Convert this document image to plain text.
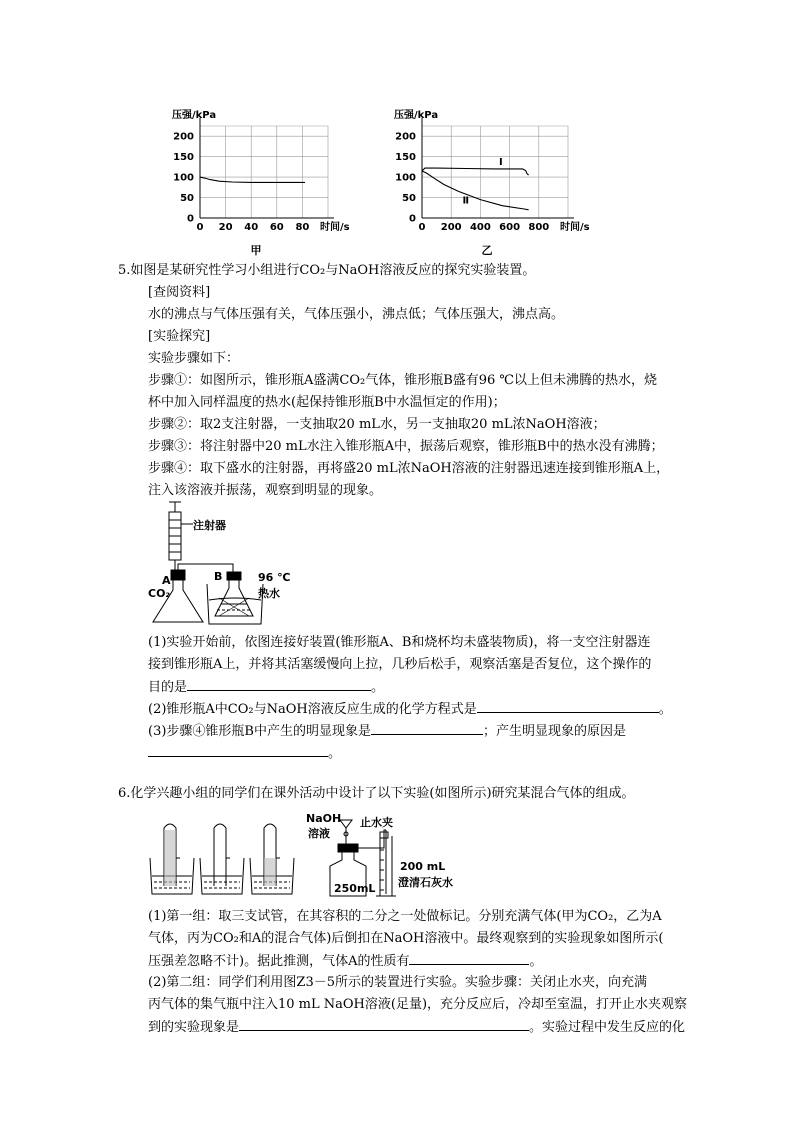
压强/kPa
时间/s
0 20 40 60 80
0
50
100
150
200
甲
压强/kPa
时间/s
0 200 400 600 800
0
50
100
150
200
Ⅰ
Ⅱ
乙
5.如图是某研究性学习小组进行CO₂与NaOH溶液反应的探究实验装置。
[查阅资料]
水的沸点与气体压强有关，气体压强小，沸点低；气体压强大，沸点高。
[实验探究]
实验步骤如下：
步骤①：如图所示，锥形瓶A盛满CO₂气体，锥形瓶B盛有96 ℃以上但未沸腾的热水，烧
杯中加入同样温度的热水(起保持锥形瓶B中水温恒定的作用)；
步骤②：取2支注射器，一支抽取20 mL水，另一支抽取20 mL浓NaOH溶液；
步骤③：将注射器中20 mL水注入锥形瓶A中，振荡后观察，锥形瓶B中的热水没有沸腾；
步骤④：取下盛水的注射器，再将盛20 mL浓NaOH溶液的注射器迅速连接到锥形瓶A上，
注入该溶液并振荡，观察到明显的现象。
注射器
A
CO₂
B	96 ℃
热水
(1)实验开始前，依图连接好装置(锥形瓶A、B和烧杯均未盛装物质)，将一支空注射器连
接到锥形瓶A上，并将其活塞缓慢向上拉，几秒后松手，观察活塞是否复位，这个操作的
目的是	。
(2)锥形瓶A中CO₂与NaOH溶液反应生成的化学方程式是	。
(3)步骤④锥形瓶B中产生的明显现象是	；产生明显现象的原因是
。
6.化学兴趣小组的同学们在课外活动中设计了以下实验(如图所示)研究某混合气体的组成。
NaOH
溶液
止水夹
200 mL
澄清石灰水
250mL
(1)第一组：取三支试管，在其容积的二分之一处做标记。分别充满气体(甲为CO₂，乙为A
气体，丙为CO₂和A的混合气体)后倒扣在NaOH溶液中。最终观察到的实验现象如图所示(
压强差忽略不计)。据此推测，气体A的性质有	。
(2)第二组：同学们利用图Z3－5所示的装置进行实验。实验步骤：关闭止水夹，向充满
丙气体的集气瓶中注入10 mL NaOH溶液(足量)，充分反应后，冷却至室温，打开止水夹观察
到的实验现象是	。实验过程中发生反应的化
